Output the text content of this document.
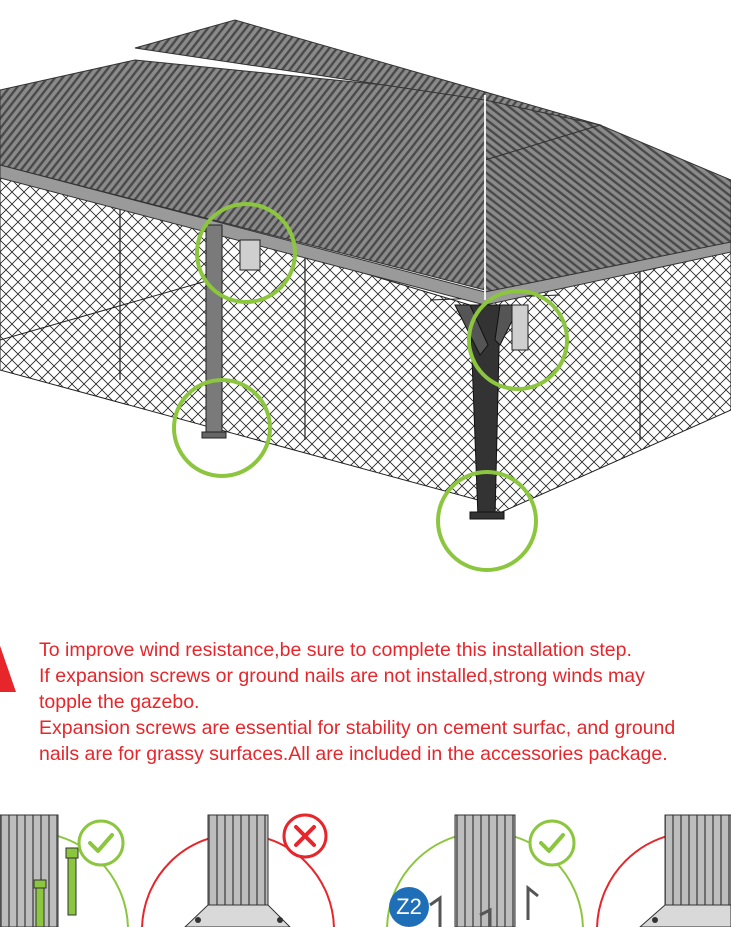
To improve wind resistance,be sure to complete this installation step.

If expansion screws or ground nails are not installed,strong winds may

topple the gazebo.

Expansion screws are essential for stability on cement surfac, and ground

nails are for grassy surfaces.All are included in the accessories package.

Z2
